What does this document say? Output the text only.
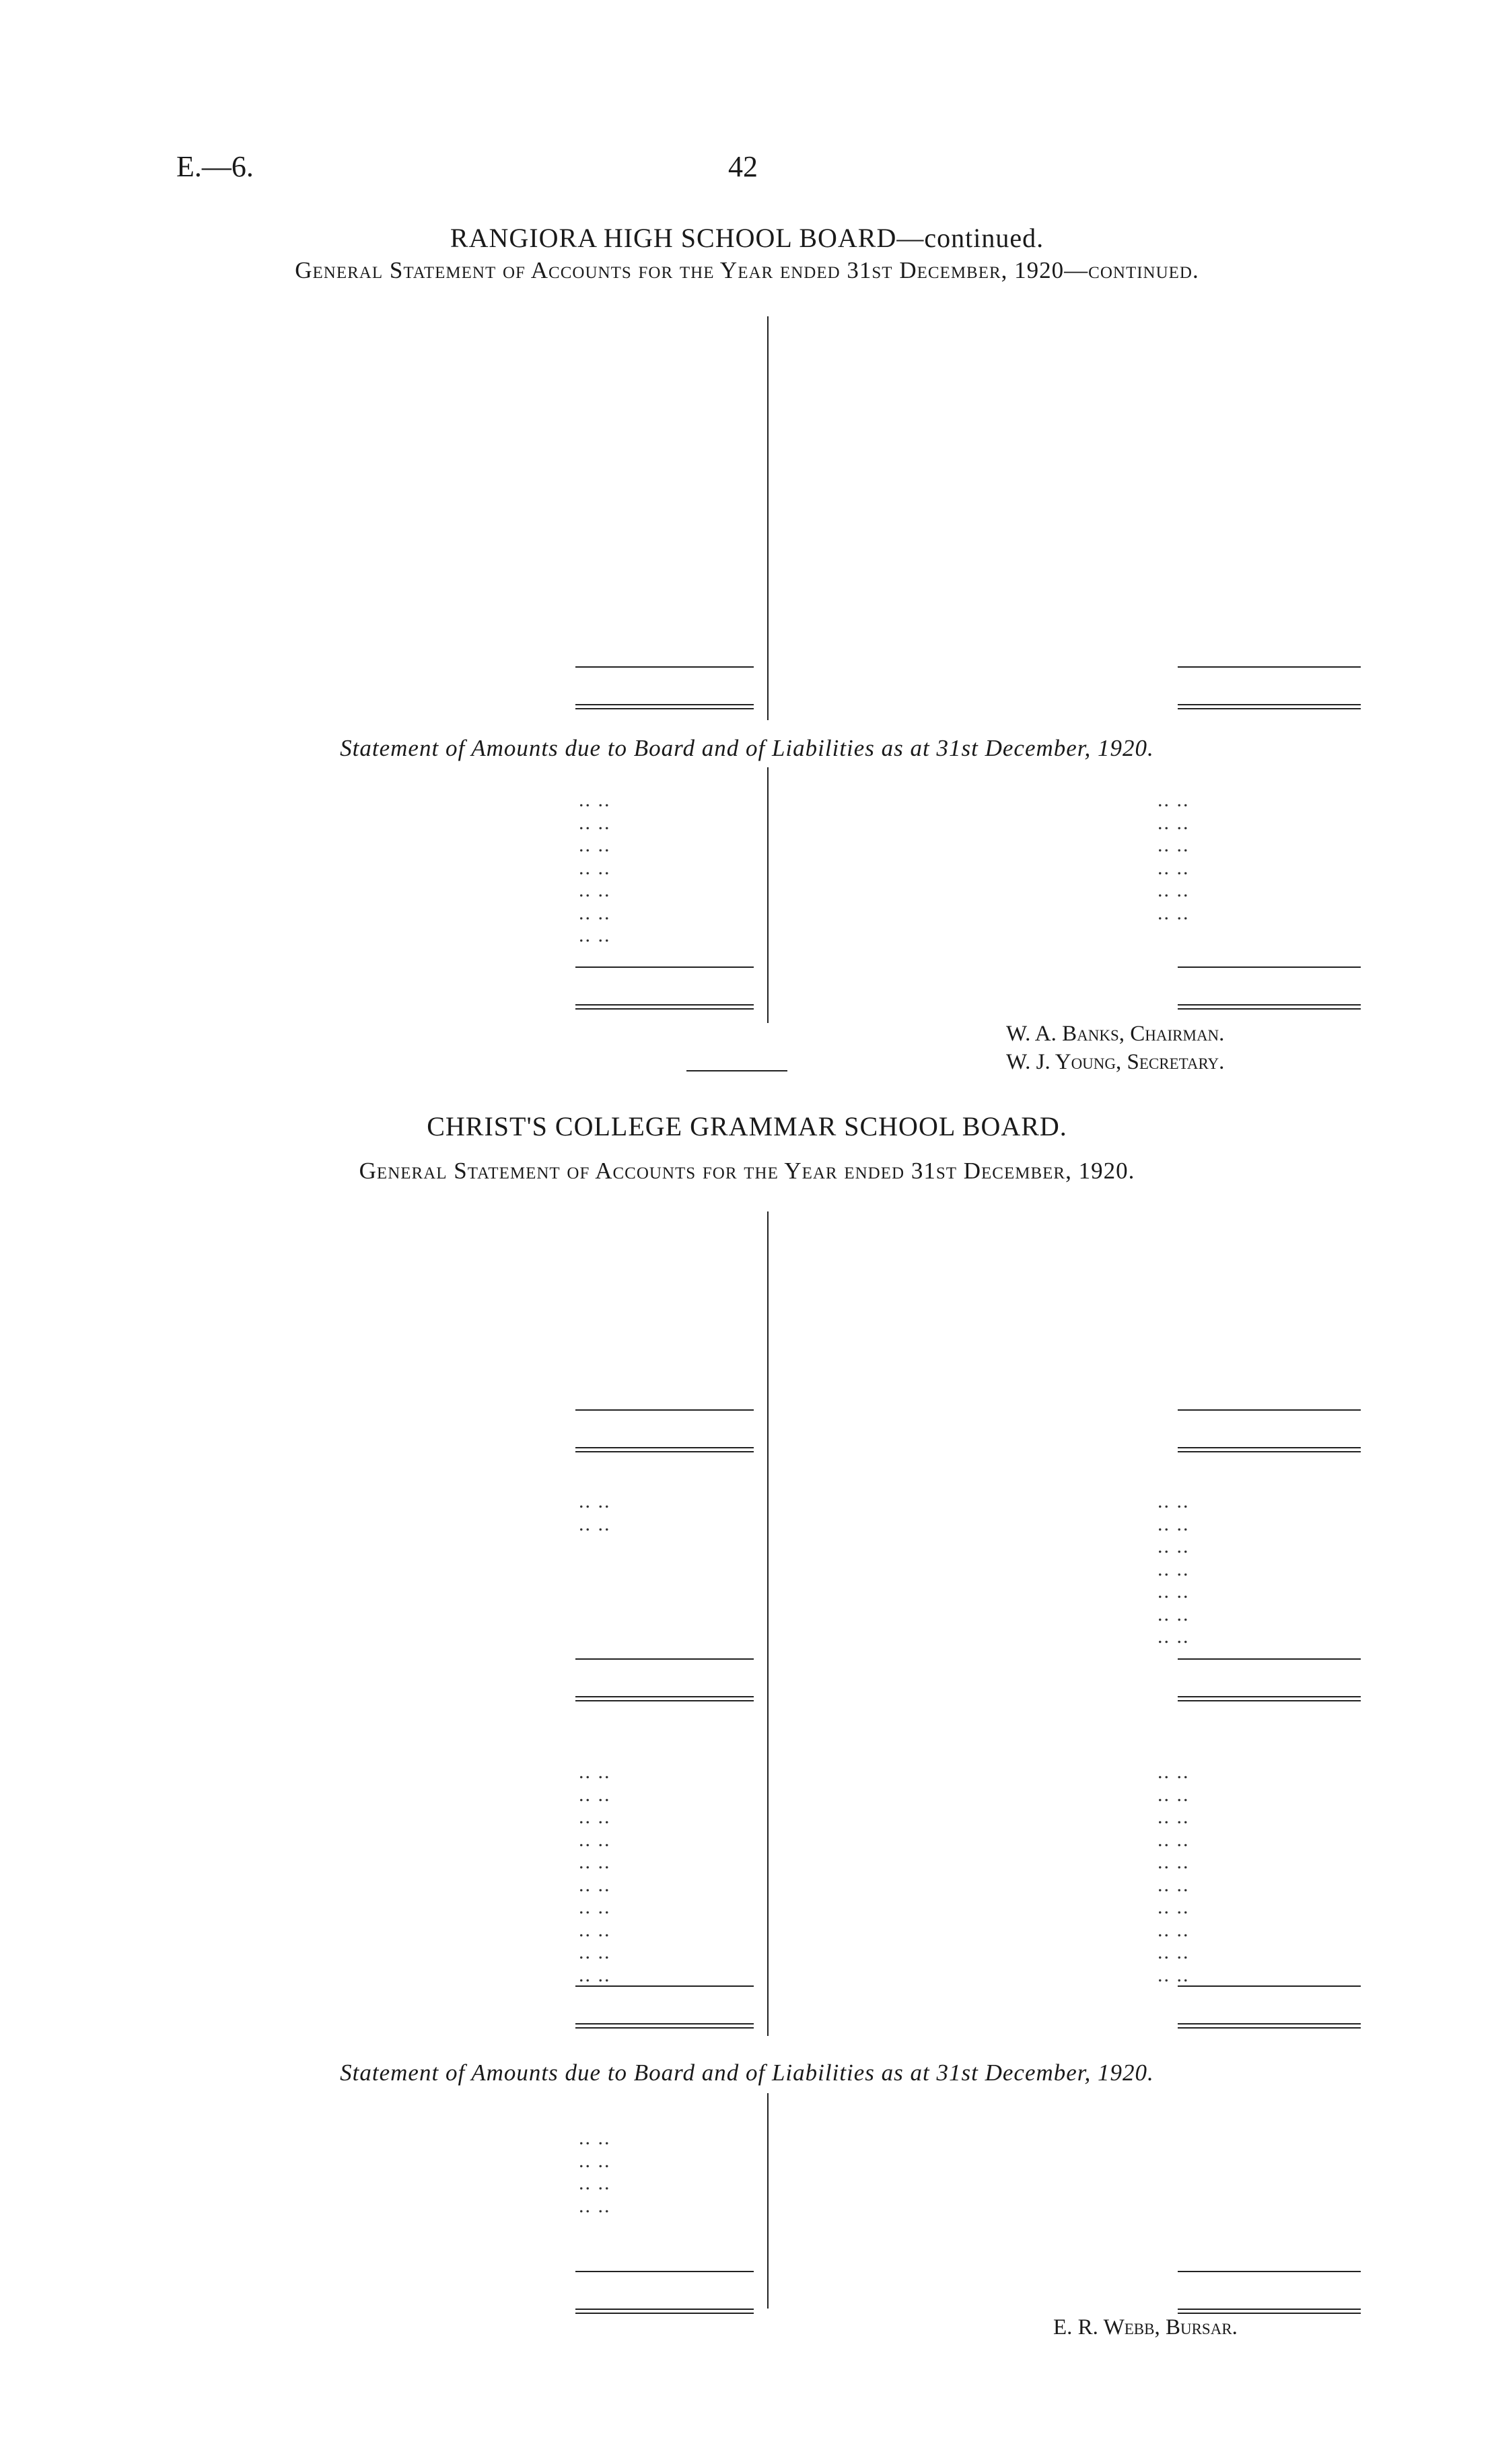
E.—6.	42
RANGIORA HIGH SCHOOL BOARD—continued.
General Statement of Accounts for the Year ended 31st December, 1920—continued.
Statement of Amounts due to Board and of Liabilities as at 31st December, 1920.
W. A. Banks, Chairman.
W. J. Young, Secretary.
CHRIST'S COLLEGE GRAMMAR SCHOOL BOARD.
General Statement of Accounts for the Year ended 31st December, 1920.
Statement of Amounts due to Board and of Liabilities as at 31st December, 1920.
E. R. Webb, Bursar.
.. ..
.. ..
.. ..
.. ..
.. ..
.. ..
.. ..
.. ..
.. ..
.. ..
.. ..
.. ..
.. ..
.. ..
.. ..
.. ..
.. ..
.. ..
.. ..
.. ..
.. ..
.. ..
.. ..
.. ..
.. ..
.. ..
.. ..
.. ..
.. ..
.. ..
.. ..
.. ..
.. ..
.. ..
.. ..
.. ..
.. ..
.. ..
.. ..
.. ..
.. ..
.. ..
.. ..
.. ..
.. ..
.. ..
